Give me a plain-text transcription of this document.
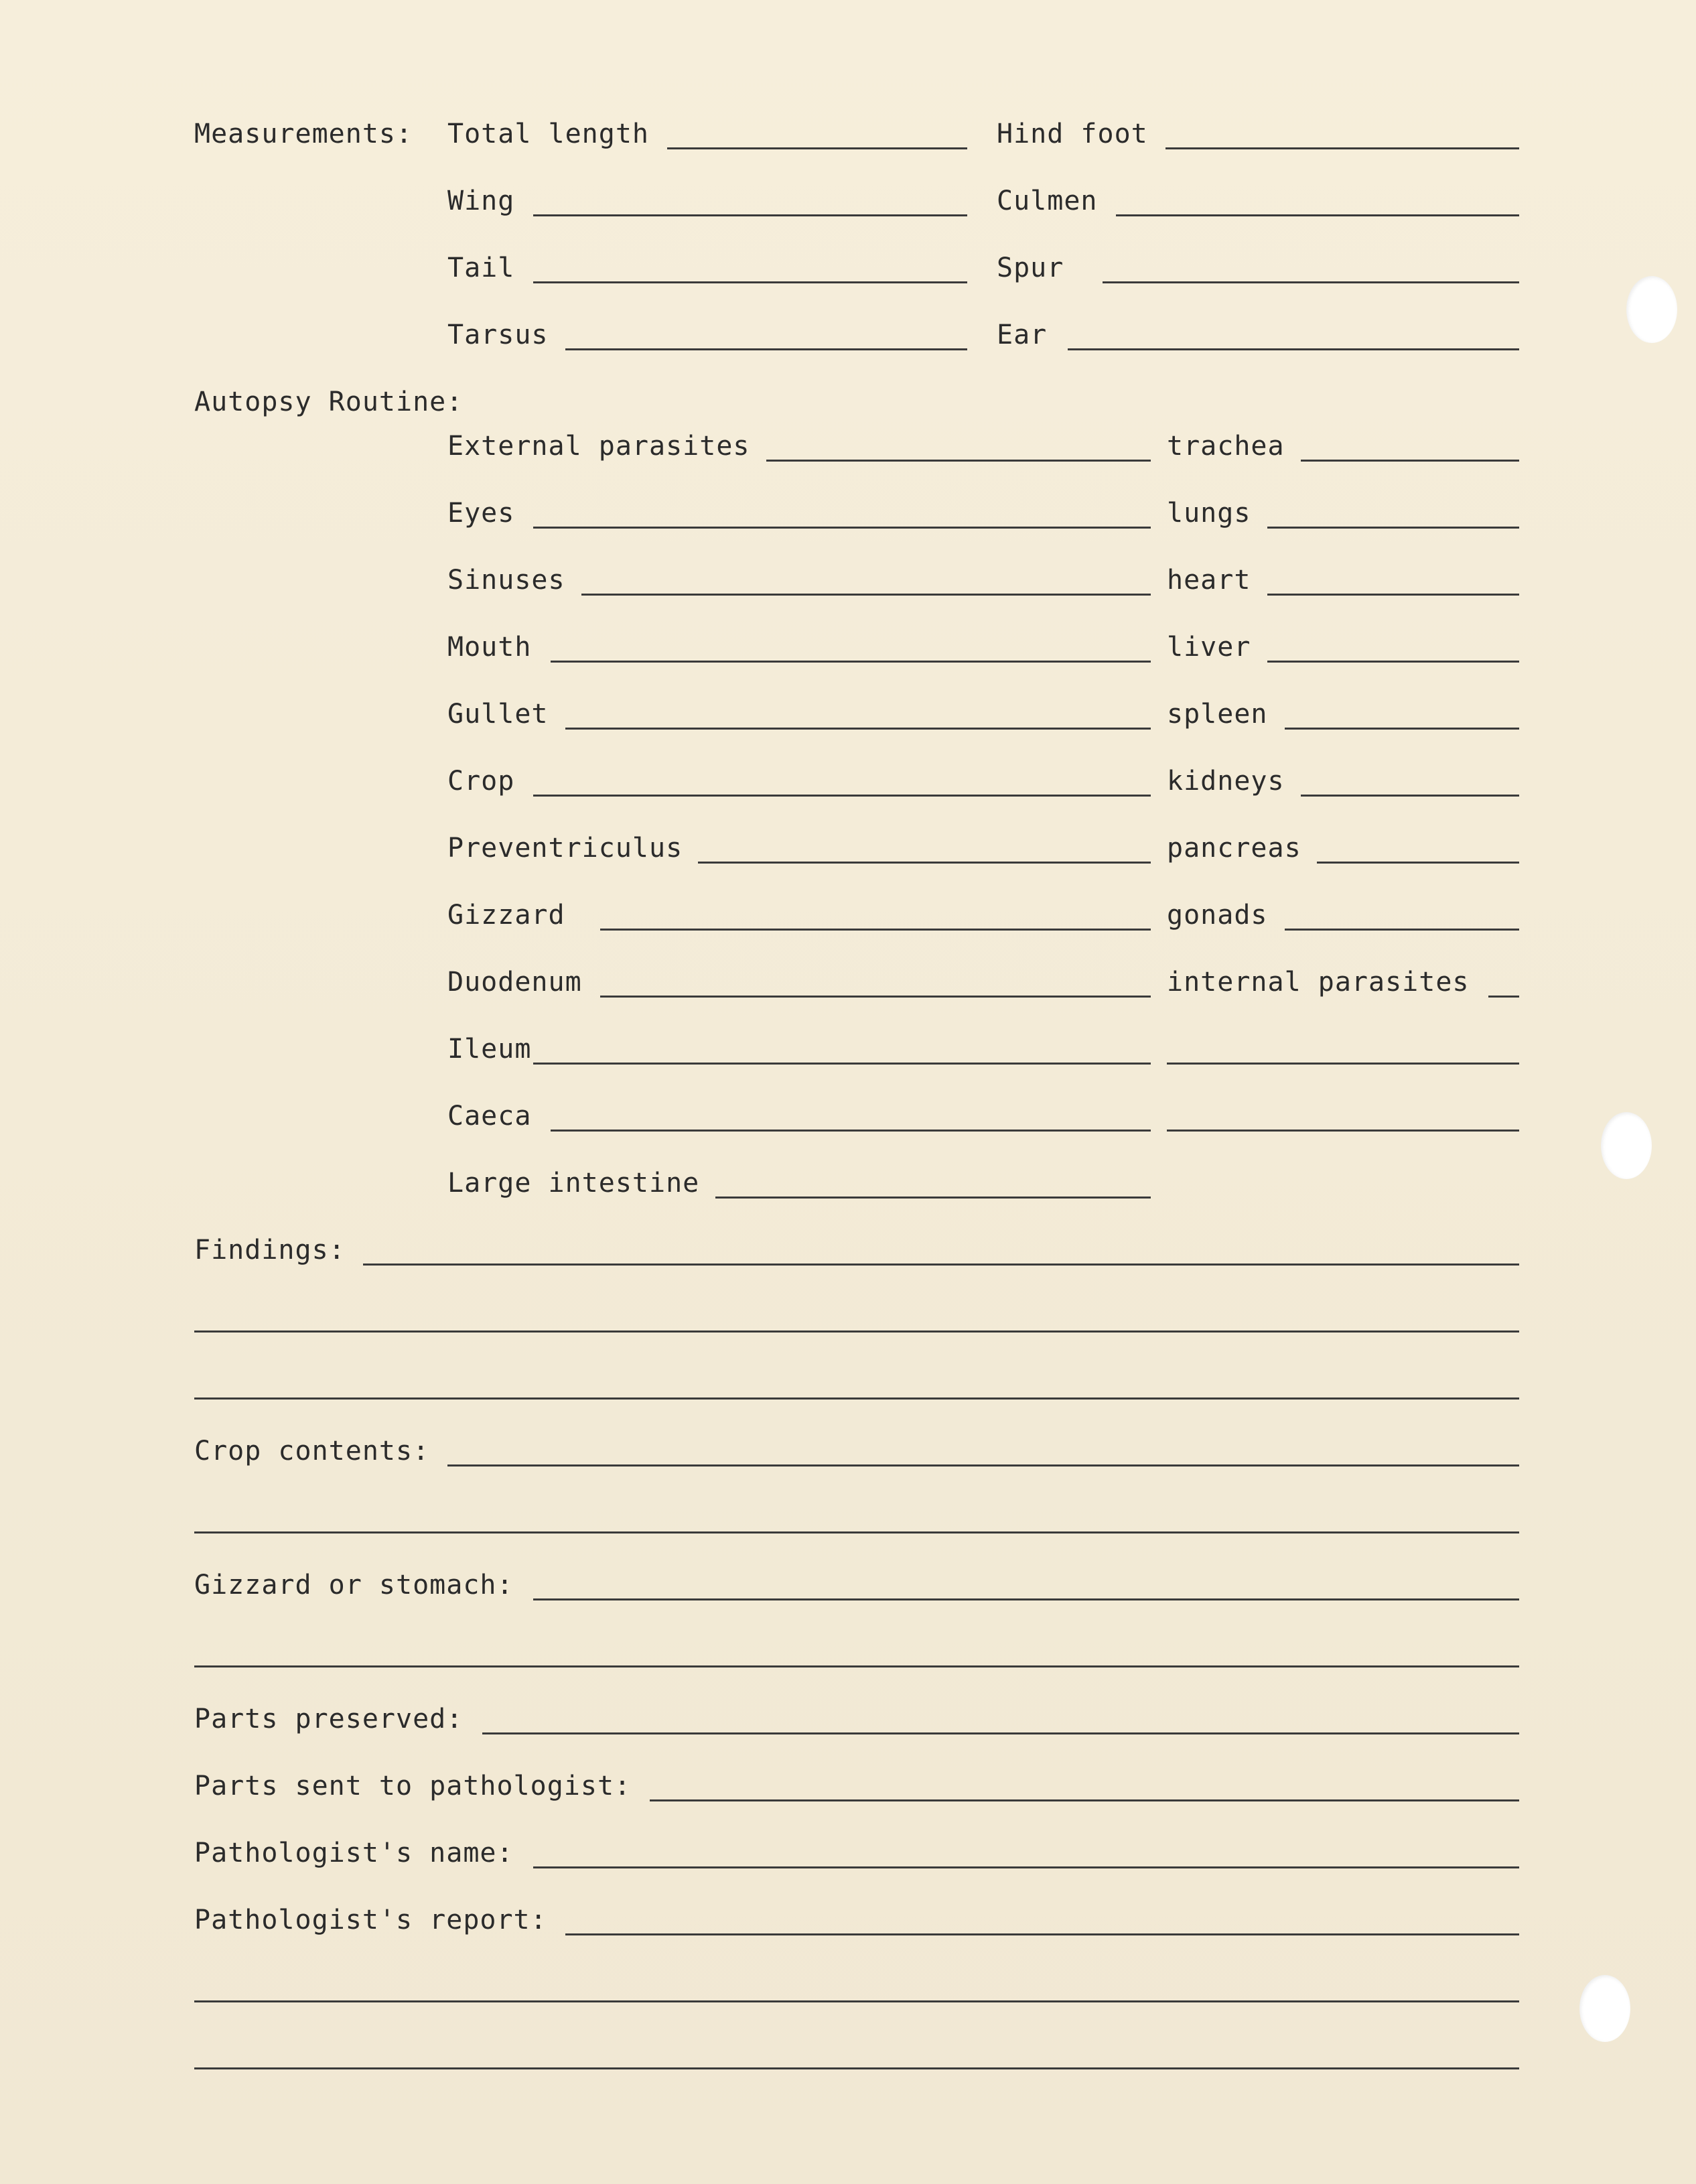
Measurements: Total length	Hind foot
Wing	Culmen
Tail	Spur
Tarsus	Ear
Autopsy Routine:
External parasites	trachea
Eyes	lungs
Sinuses	heart
Mouth	liver
Gullet	spleen
Crop	kidneys
Preventriculus	pancreas
Gizzard	gonads
Duodenum	internal parasites
Ileum
Caeca
Large intestine
Findings:
Crop contents:
Gizzard or stomach:
Parts preserved:
Parts sent to pathologist:
Pathologist's name:
Pathologist's report:
